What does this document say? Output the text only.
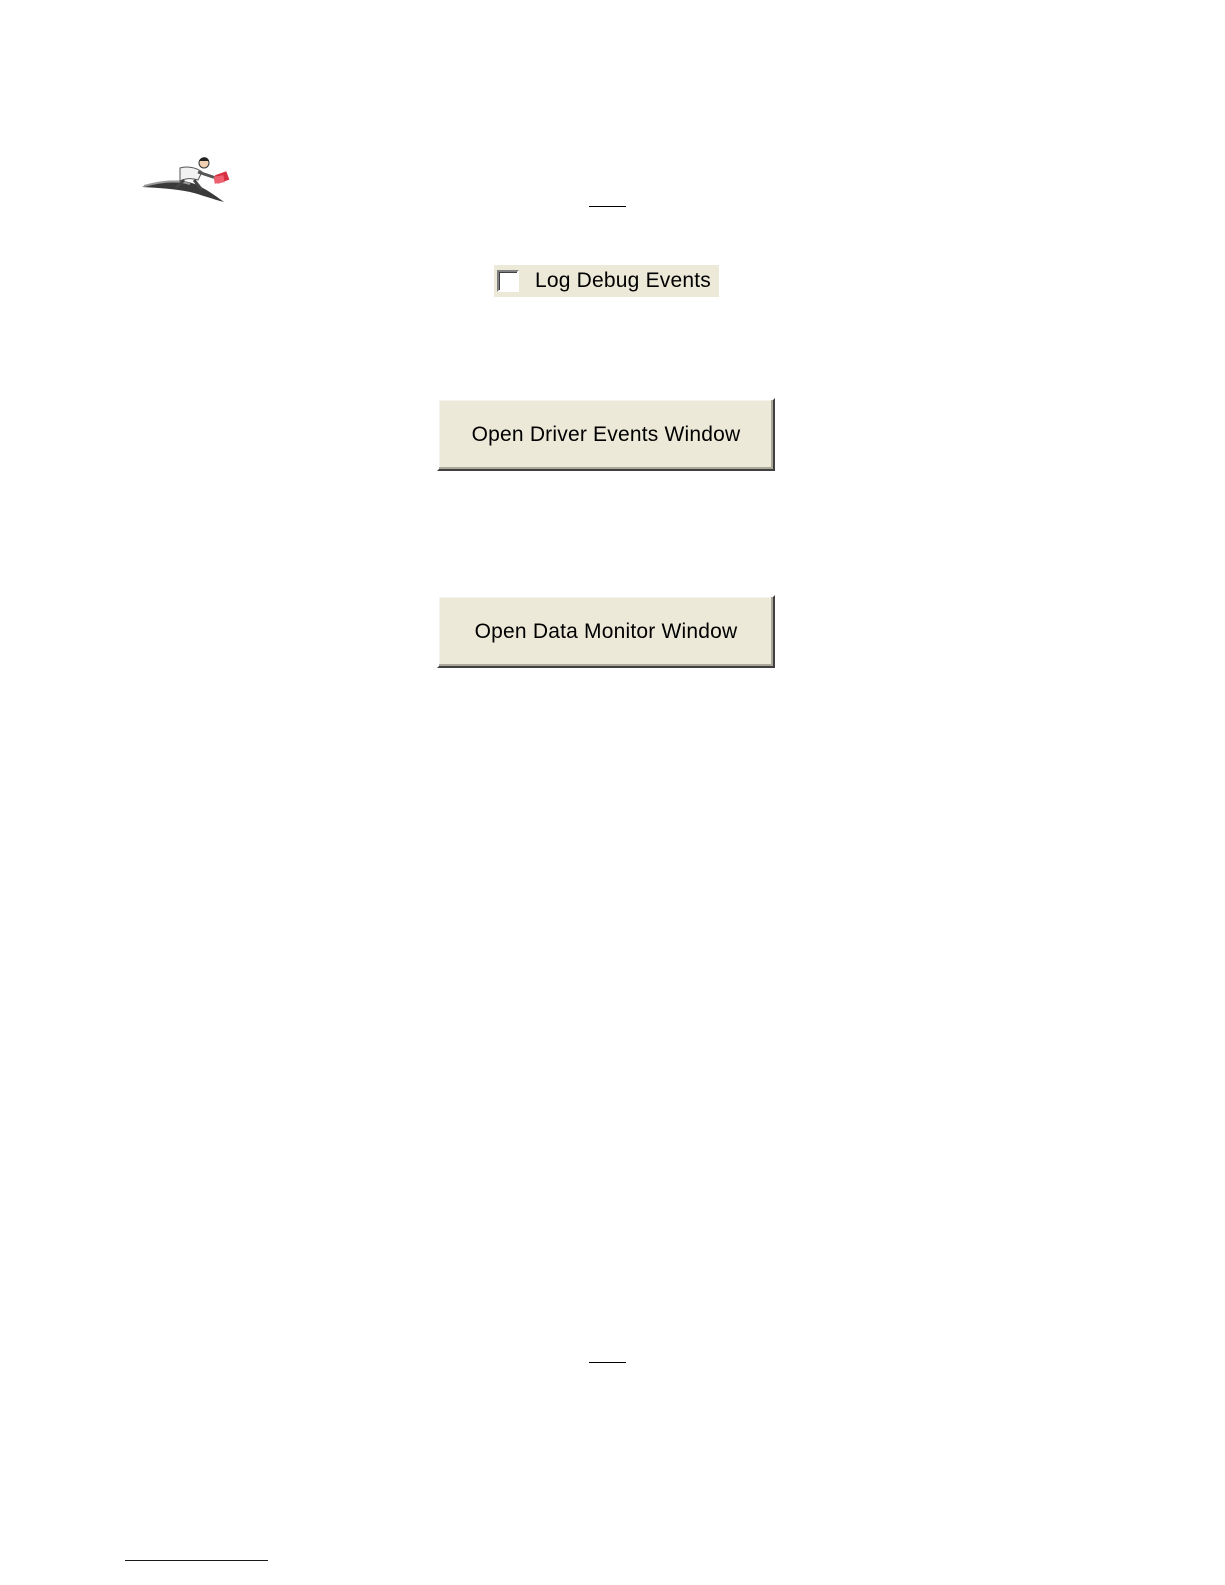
Log Debug Events
Open Driver Events Window
Open Data Monitor Window
